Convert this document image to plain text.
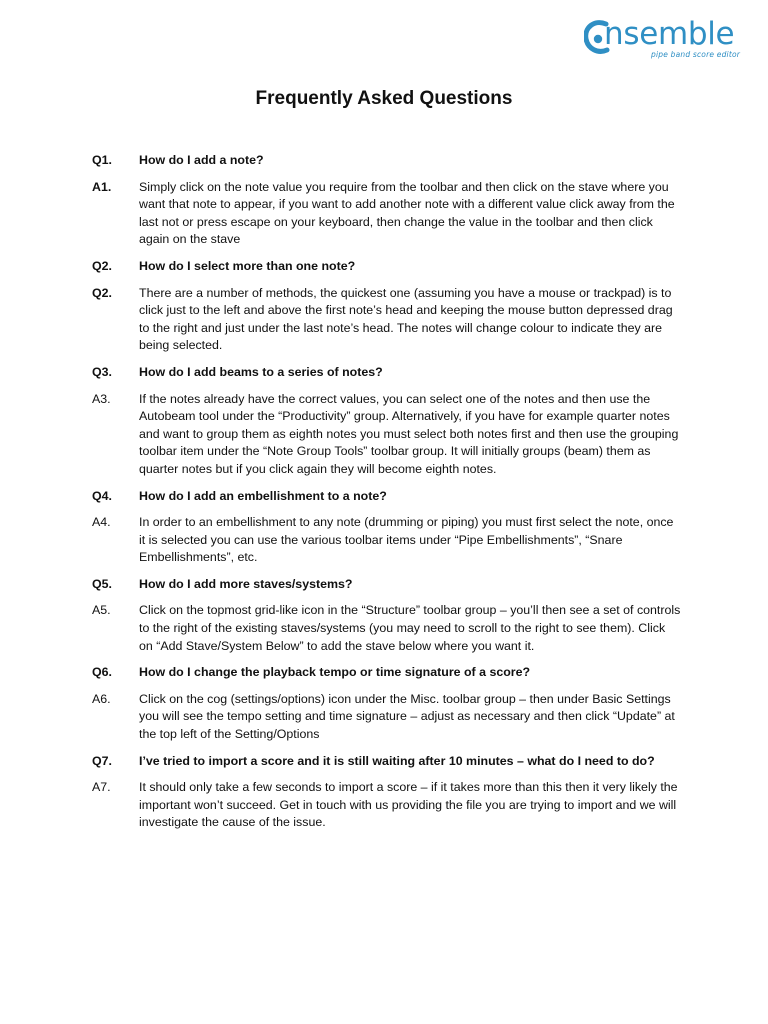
nsemble
pipe band score editor
Frequently Asked Questions
Q1.	How do I add a note?
A1.	Simply click on the note value you require from the toolbar and then click on the stave where you want that note to appear, if you want to add another note with a different value click away from the last not or press escape on your keyboard, then change the value in the toolbar and then click again on the stave
Q2.	How do I select more than one note?
Q2.	There are a number of methods, the quickest one (assuming you have a mouse or trackpad) is to click just to the left and above the first note’s head and keeping the mouse button depressed drag to the right and just under the last note’s head. The notes will change colour to indicate they are being selected.
Q3.	How do I add beams to a series of notes?
A3.	If the notes already have the correct values, you can select one of the notes and then use the Autobeam tool under the “Productivity” group. Alternatively, if you have for example quarter notes and want to group them as eighth notes you must select both notes first and then use the grouping toolbar item under the “Note Group Tools” toolbar group. It will initially groups (beam) them as quarter notes but if you click again they will become eighth notes.
Q4.	How do I add an embellishment to a note?
A4.	In order to an embellishment to any note (drumming or piping) you must first select the note, once it is selected you can use the various toolbar items under “Pipe Embellishments”, “Snare Embellishments”, etc.
Q5.	How do I add more staves/systems?
A5.	Click on the topmost grid-like icon in the “Structure” toolbar group – you’ll then see a set of controls to the right of the existing staves/systems (you may need to scroll to the right to see them). Click on “Add Stave/System Below” to add the stave below where you want it.
Q6.	How do I change the playback tempo or time signature of a score?
A6.	Click on the cog (settings/options) icon under the Misc. toolbar group – then under Basic Settings you will see the tempo setting and time signature – adjust as necessary and then click “Update” at the top left of the Setting/Options
Q7.	I’ve tried to import a score and it is still waiting after 10 minutes – what do I need to do?
A7.	It should only take a few seconds to import a score – if it takes more than this then it very likely the important won’t succeed. Get in touch with us providing the file you are trying to import and we will investigate the cause of the issue.
